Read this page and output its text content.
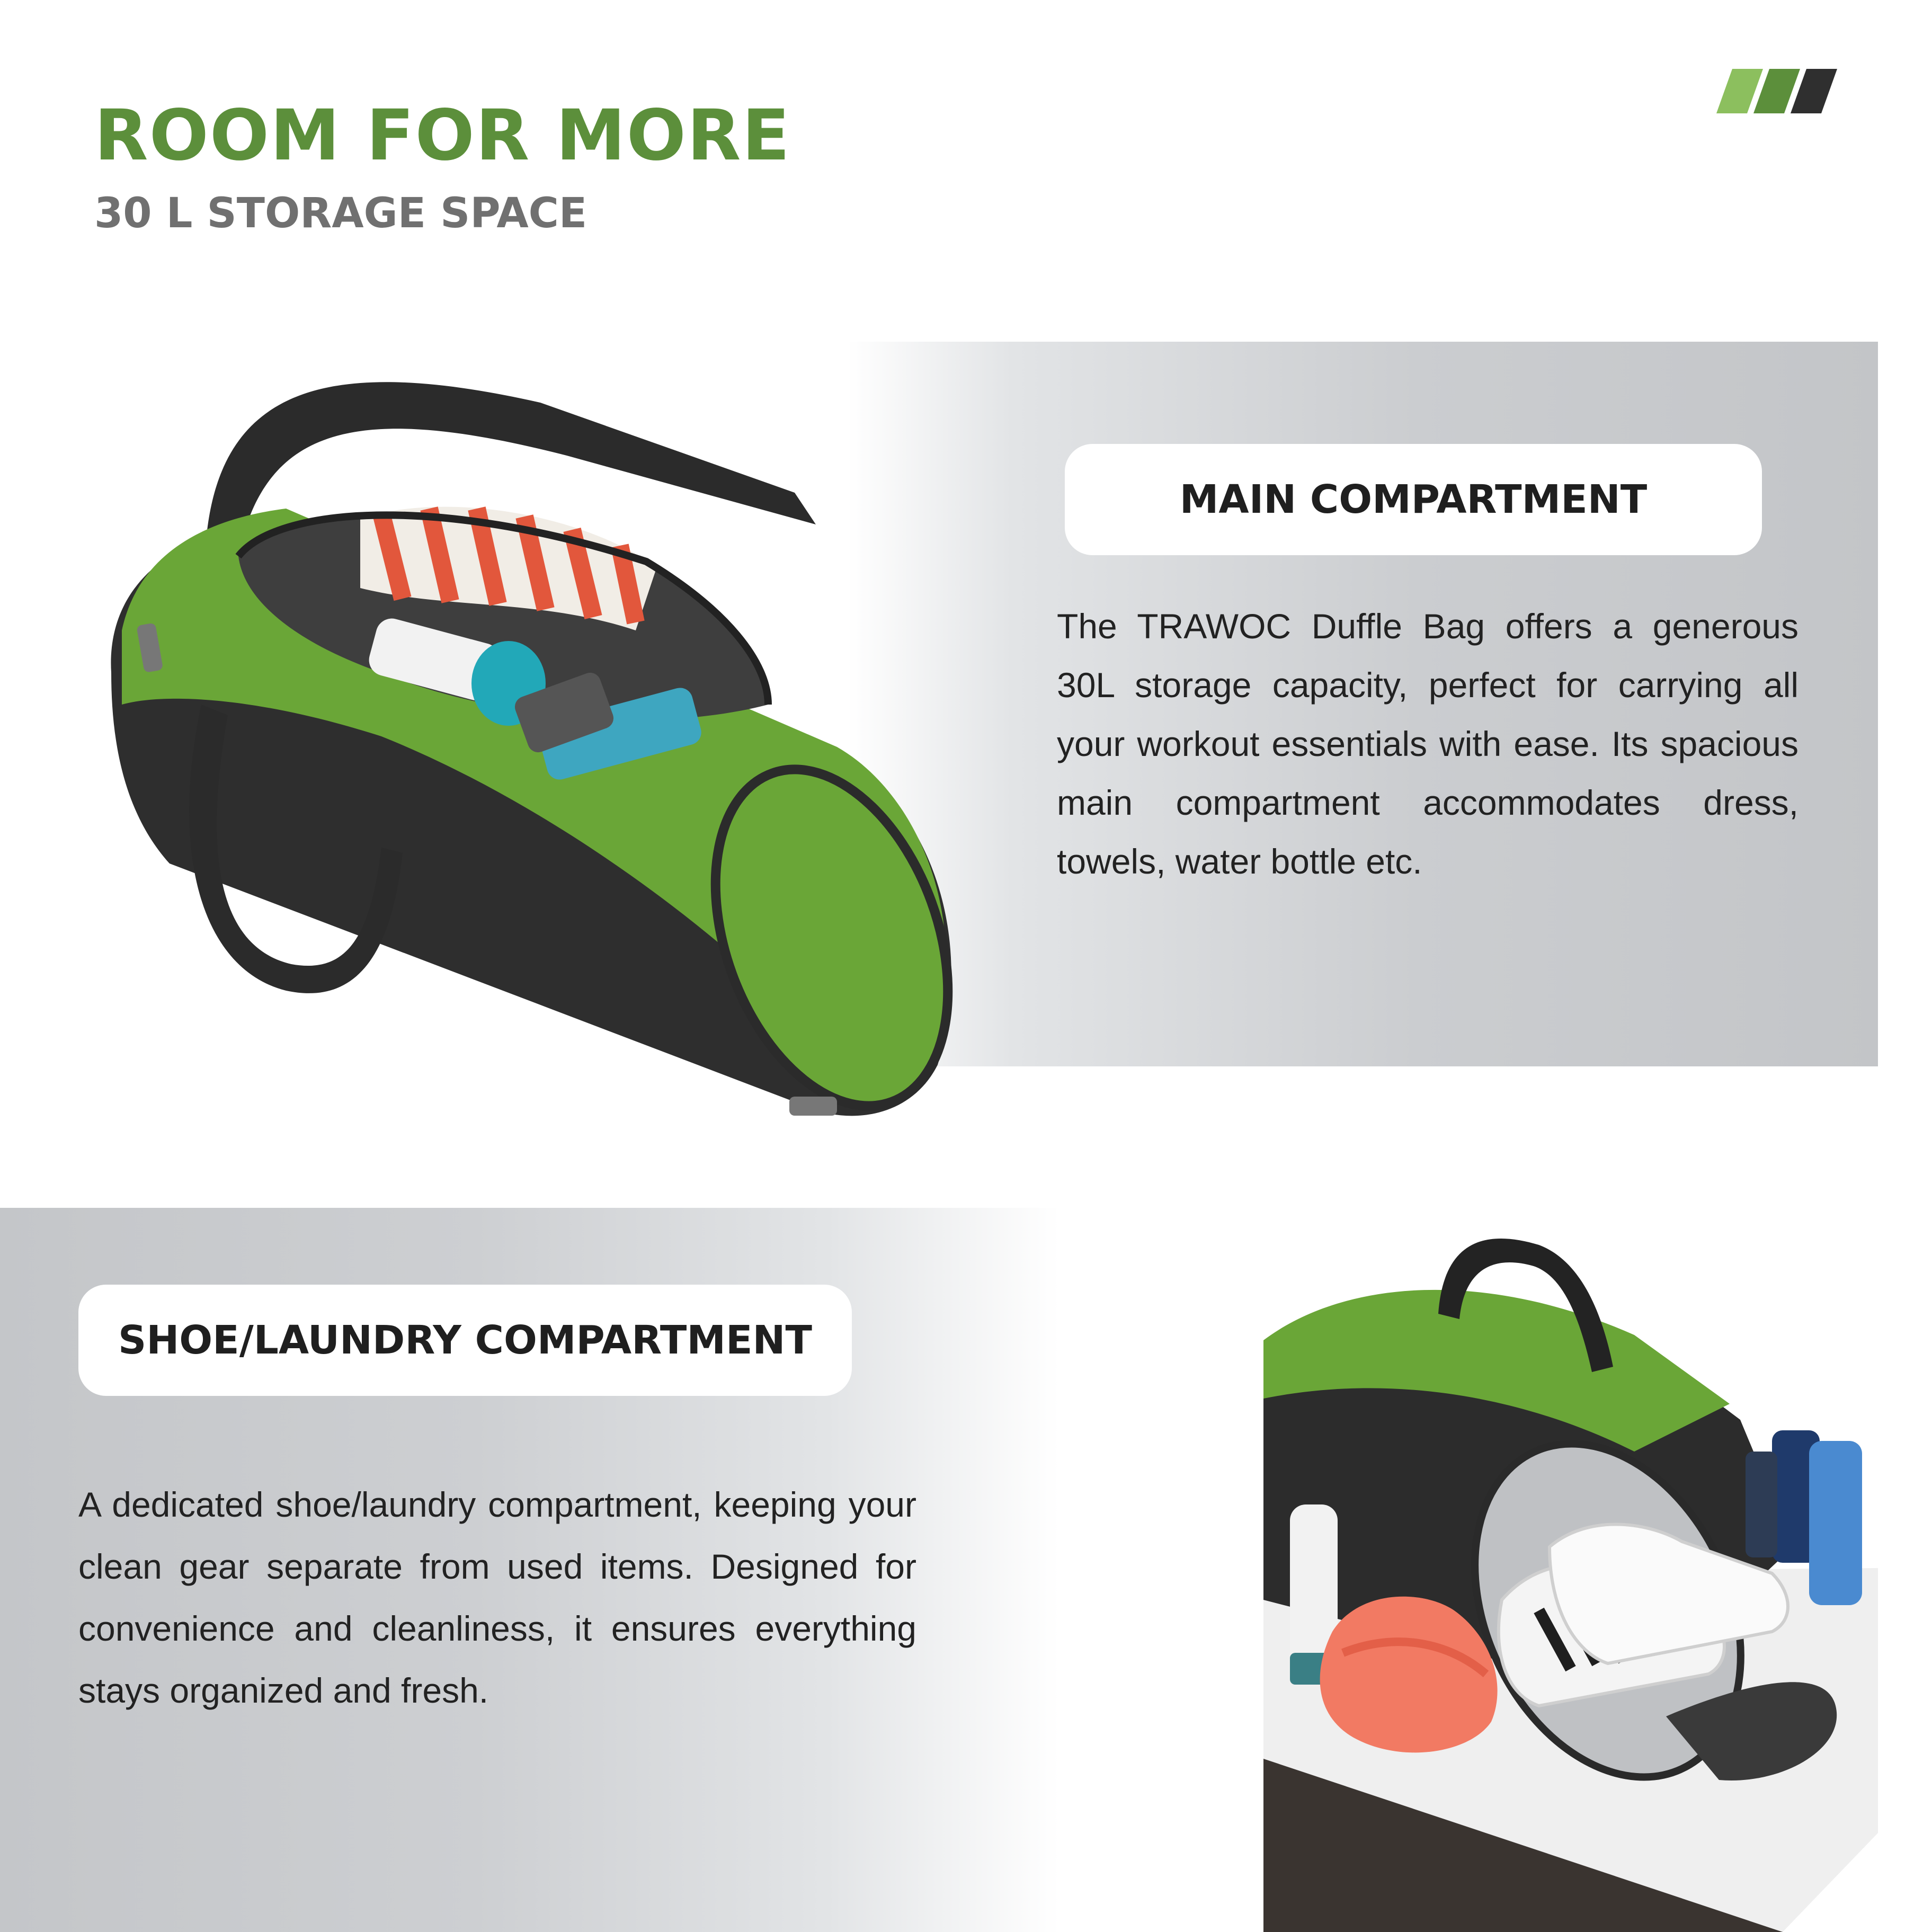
ROOM FOR MORE
30 L STORAGE SPACE
MAIN COMPARTMENT
The TRAWOC Duffle Bag offers a generous 30L storage capacity, perfect for carrying all your workout essentials with ease. Its spacious main compartment accommodates dress, towels, water bottle etc.
SHOE/LAUNDRY COMPARTMENT
A dedicated shoe/laundry compartment, keeping your clean gear separate from used items. Designed for convenience and cleanliness, it ensures everything stays organized and fresh.
